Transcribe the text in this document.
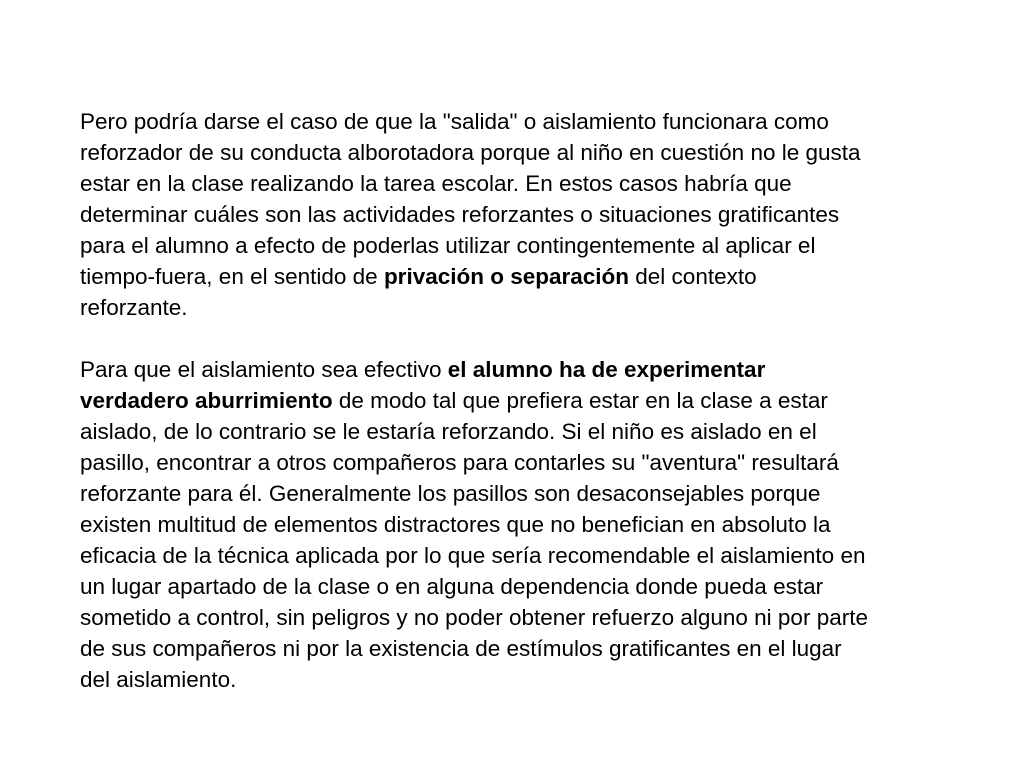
Pero podría darse el caso de que la "salida" o aislamiento funcionara como
reforzador de su conducta alborotadora porque al niño en cuestión no le gusta
estar en la clase realizando la tarea escolar. En estos casos habría que
determinar cuáles son las actividades reforzantes o situaciones gratificantes
para el alumno a efecto de poderlas utilizar contingentemente al aplicar el
tiempo-fuera, en el sentido de privación o separación del contexto
reforzante.

Para que el aislamiento sea efectivo el alumno ha de experimentar
verdadero aburrimiento de modo tal que prefiera estar en la clase a estar
aislado, de lo contrario se le estaría reforzando. Si el niño es aislado en el
pasillo, encontrar a otros compañeros para contarles su "aventura" resultará
reforzante para él. Generalmente los pasillos son desaconsejables porque
existen multitud de elementos distractores que no benefician en absoluto la
eficacia de la técnica aplicada por lo que sería recomendable el aislamiento en
un lugar apartado de la clase o en alguna dependencia donde pueda estar
sometido a control, sin peligros y no poder obtener refuerzo alguno ni por parte
de sus compañeros ni por la existencia de estímulos gratificantes en el lugar
del aislamiento.
